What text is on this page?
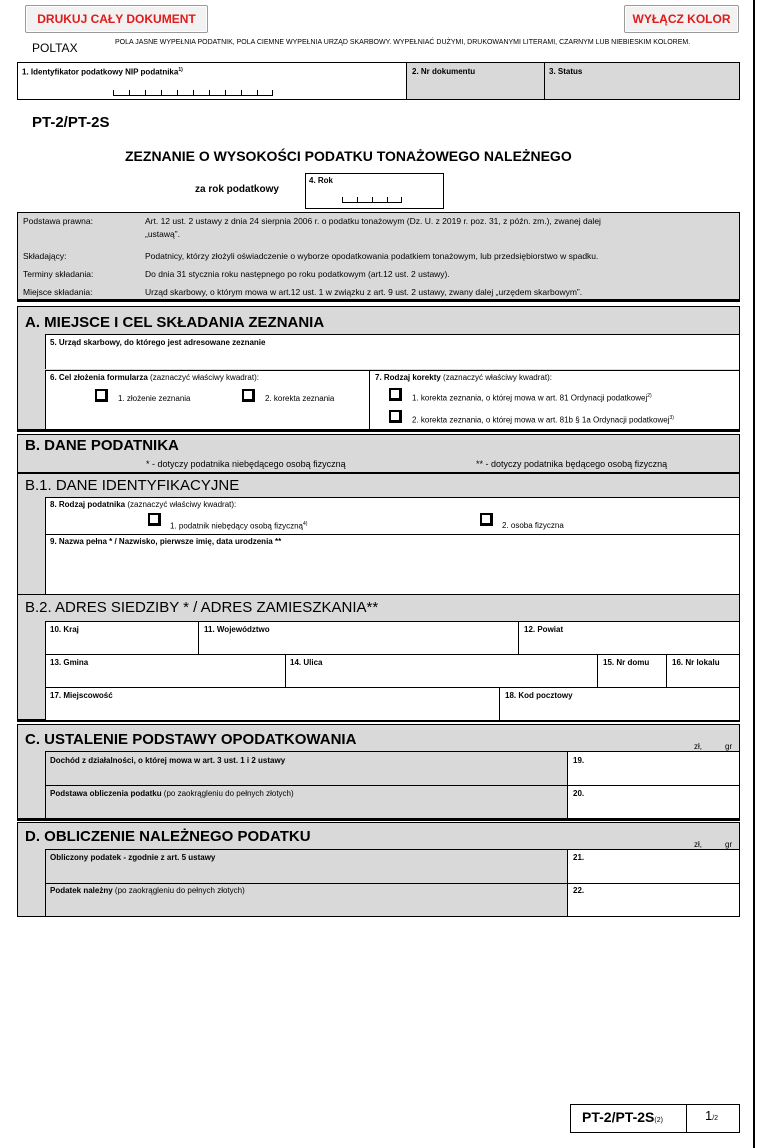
DRUKUJ CAŁY DOKUMENT	WYŁĄCZ KOLOR
POLTAX	POLA JASNE WYPEŁNIA PODATNIK, POLA CIEMNE WYPEŁNIA URZĄD SKARBOWY. WYPEŁNIAĆ DUŻYMI, DRUKOWANYMI LITERAMI, CZARNYM LUB NIEBIESKIM KOLOREM.
1. Identyfikator podatkowy NIP podatnika$^{1)}$	2. Nr dokumentu	3. Status
PT-2/PT-2S
ZEZNANIE O WYSOKOŚCI PODATKU TONAŻOWEGO NALEŻNEGO
za rok podatkowy
4. Rok
Podstawa prawna:	Art. 12 ust. 2 ustawy z dnia 24 sierpnia 2006 r. o podatku tonażowym (Dz. U. z 2019 r. poz. 31, z późn. zm.), zwanej dalej
„ustawą”.
Składający:	Podatnicy, którzy złożyli oświadczenie o wyborze opodatkowania podatkiem tonażowym, lub przedsiębiorstwo w spadku.
Terminy składania:	Do dnia 31 stycznia roku następnego po roku podatkowym (art.12 ust. 2 ustawy).
Miejsce składania:	Urząd skarbowy, o którym mowa w art.12 ust. 1 w związku z art. 9 ust. 2 ustawy, zwany dalej „urzędem skarbowym”.
A. MIEJSCE I CEL SKŁADANIA ZEZNANIA
5. Urząd skarbowy, do którego jest adresowane zeznanie
6. Cel złożenia formularza (zaznaczyć właściwy kwadrat):
1. złożenie zeznania	2. korekta zeznania
7. Rodzaj korekty (zaznaczyć właściwy kwadrat):
1. korekta zeznania, o której mowa w art. 81 Ordynacji podatkowej$^{2)}$
2. korekta zeznania, o której mowa w art. 81b § 1a Ordynacji podatkowej$^{3)}$
B. DANE PODATNIKA
* - dotyczy podatnika niebędącego osobą fizyczną	** - dotyczy podatnika będącego osobą fizyczną
B.1. DANE IDENTYFIKACYJNE
8. Rodzaj podatnika (zaznaczyć właściwy kwadrat):
1. podatnik niebędący osobą fizyczną$^{4)}$	2. osoba fizyczna
9. Nazwa pełna * / Nazwisko, pierwsze imię, data urodzenia **
B.2. ADRES SIEDZIBY * / ADRES ZAMIESZKANIA**
10. Kraj	11. Województwo	12. Powiat
13. Gmina	14. Ulica	15. Nr domu	16. Nr lokalu
17. Miejscowość	18. Kod pocztowy
C. USTALENIE PODSTAWY OPODATKOWANIA	zł,	gr
Dochód z działalności, o której mowa w art. 3 ust. 1 i 2 ustawy	19.
Podstawa obliczenia podatku (po zaokrągleniu do pełnych złotych)	20.
D. OBLICZENIE NALEŻNEGO PODATKU	zł,	gr
Obliczony podatek - zgodnie z art. 5 ustawy	21.
Podatek należny (po zaokrągleniu do pełnych złotych)	22.
PT-2/PT-2S(2)	1/2
